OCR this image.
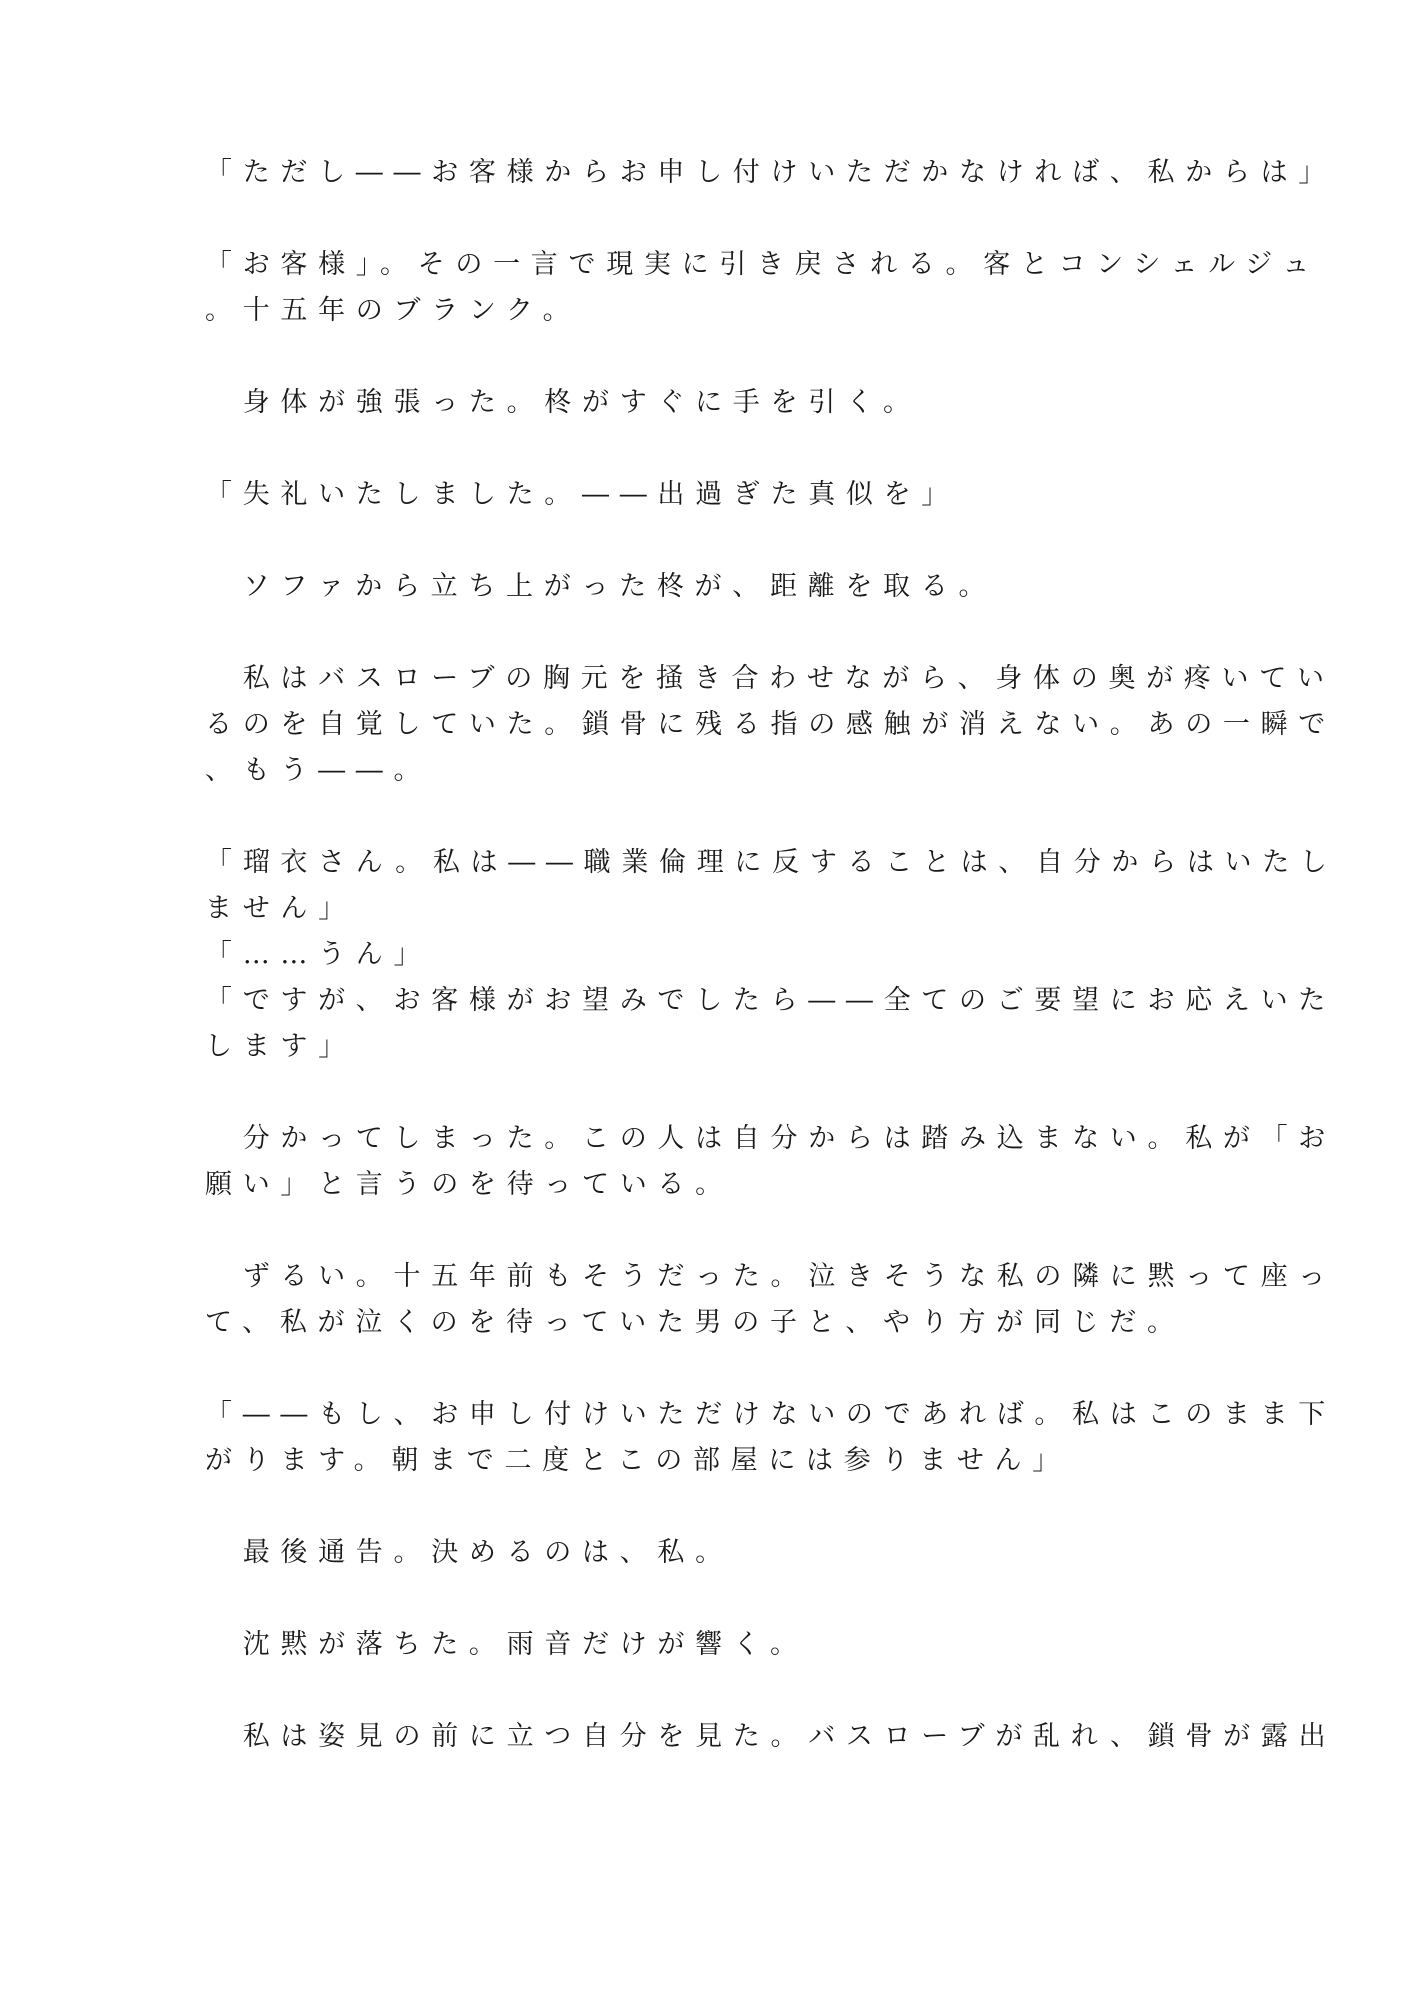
「ただし――お客様からお申し付けいただかなければ、私からは」

「お客様」。その一言で現実に引き戻される。客とコンシェルジュ
。十五年のブランク。

　身体が強張った。柊がすぐに手を引く。

「失礼いたしました。――出過ぎた真似を」

　ソファから立ち上がった柊が、距離を取る。

　私はバスローブの胸元を掻き合わせながら、身体の奥が疼いてい
るのを自覚していた。鎖骨に残る指の感触が消えない。あの一瞬で
、もう――。

「瑠衣さん。私は――職業倫理に反することは、自分からはいたし
ません」

「……うん」

「ですが、お客様がお望みでしたら――全てのご要望にお応えいた
します」

　分かってしまった。この人は自分からは踏み込まない。私が「お
願い」と言うのを待っている。

　ずるい。十五年前もそうだった。泣きそうな私の隣に黙って座っ
て、私が泣くのを待っていた男の子と、やり方が同じだ。

「――もし、お申し付けいただけないのであれば。私はこのまま下
がります。朝まで二度とこの部屋には参りません」

　最後通告。決めるのは、私。

　沈黙が落ちた。雨音だけが響く。

　私は姿見の前に立つ自分を見た。バスローブが乱れ、鎖骨が露出
